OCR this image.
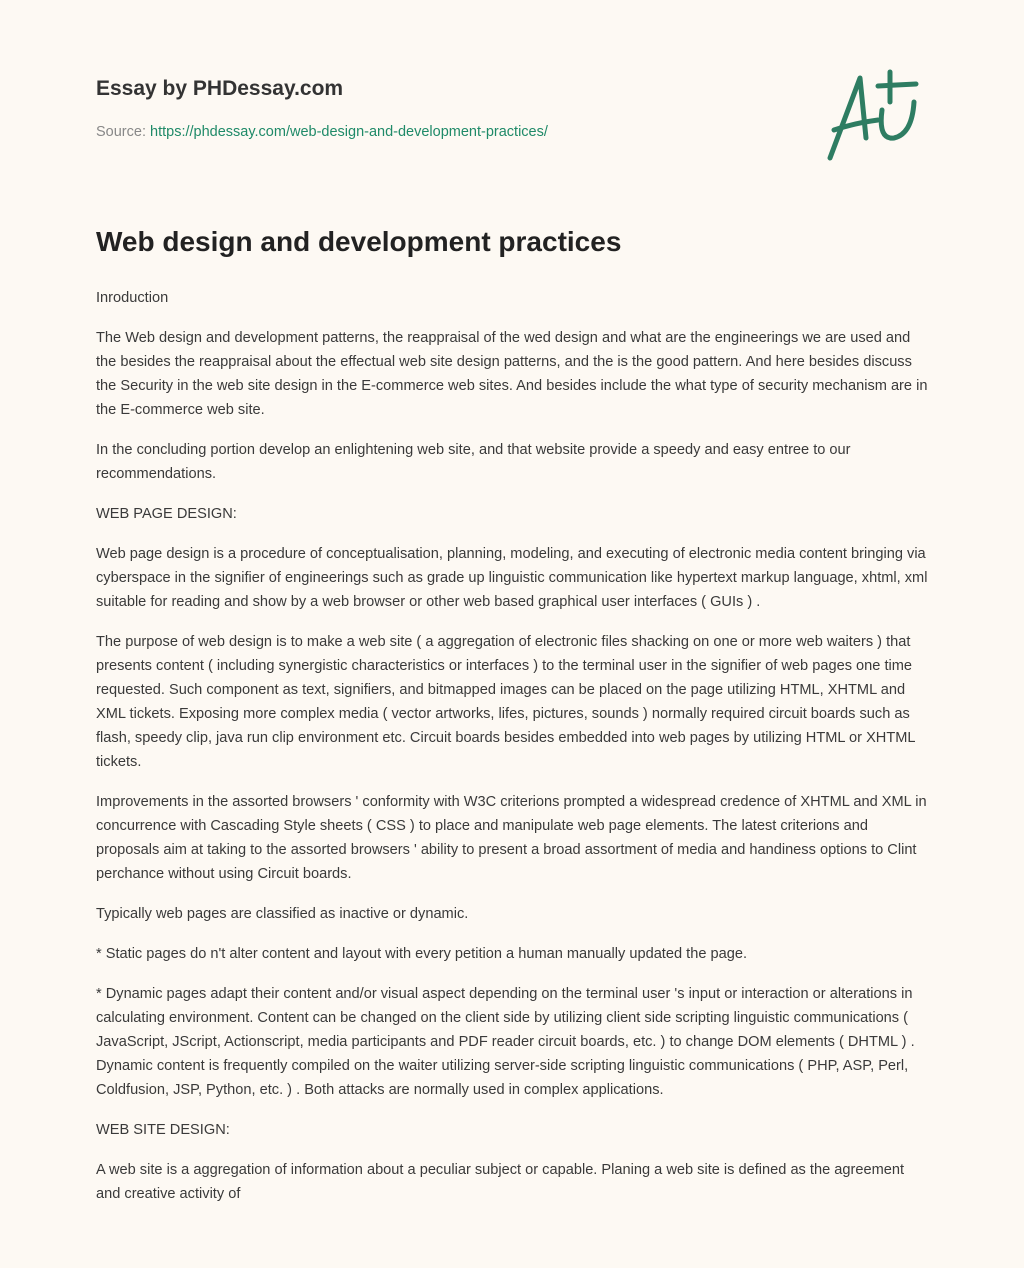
Essay by PHDessay.com
Source: https://phdessay.com/web-design-and-development-practices/
Web design and development practices

Inroduction

The Web design and development patterns, the reappraisal of the wed design and what are the engineerings we are used and the besides the reappraisal about the effectual web site design patterns, and the is the good pattern. And here besides discuss the Security in the web site design in the E-commerce web sites. And besides include the what type of security mechanism are in the E-commerce web site.

In the concluding portion develop an enlightening web site, and that website provide a speedy and easy entree to our recommendations.

WEB PAGE DESIGN:

Web page design is a procedure of conceptualisation, planning, modeling, and executing of electronic media content bringing via cyberspace in the signifier of engineerings such as grade up linguistic communication like hypertext markup language, xhtml, xml suitable for reading and show by a web browser or other web based graphical user interfaces ( GUIs ) .

The purpose of web design is to make a web site ( a aggregation of electronic files shacking on one or more web waiters ) that presents content ( including synergistic characteristics or interfaces ) to the terminal user in the signifier of web pages one time requested. Such component as text, signifiers, and bitmapped images can be placed on the page utilizing HTML, XHTML and XML tickets. Exposing more complex media ( vector artworks, lifes, pictures, sounds ) normally required circuit boards such as flash, speedy clip, java run clip environment etc. Circuit boards besides embedded into web pages by utilizing HTML or XHTML tickets.

Improvements in the assorted browsers ' conformity with W3C criterions prompted a widespread credence of XHTML and XML in concurrence with Cascading Style sheets ( CSS ) to place and manipulate web page elements. The latest criterions and proposals aim at taking to the assorted browsers ' ability to present a broad assortment of media and handiness options to Clint perchance without using Circuit boards.

Typically web pages are classified as inactive or dynamic.

* Static pages do n't alter content and layout with every petition a human manually updated the page.

* Dynamic pages adapt their content and/or visual aspect depending on the terminal user 's input or interaction or alterations in calculating environment. Content can be changed on the client side by utilizing client side scripting linguistic communications ( JavaScript, JScript, Actionscript, media participants and PDF reader circuit boards, etc. ) to change DOM elements ( DHTML ) . Dynamic content is frequently compiled on the waiter utilizing server-side scripting linguistic communications ( PHP, ASP, Perl, Coldfusion, JSP, Python, etc. ) . Both attacks are normally used in complex applications.

WEB SITE DESIGN:

A web site is a aggregation of information about a peculiar subject or capable. Planing a web site is defined as the agreement and creative activity of
